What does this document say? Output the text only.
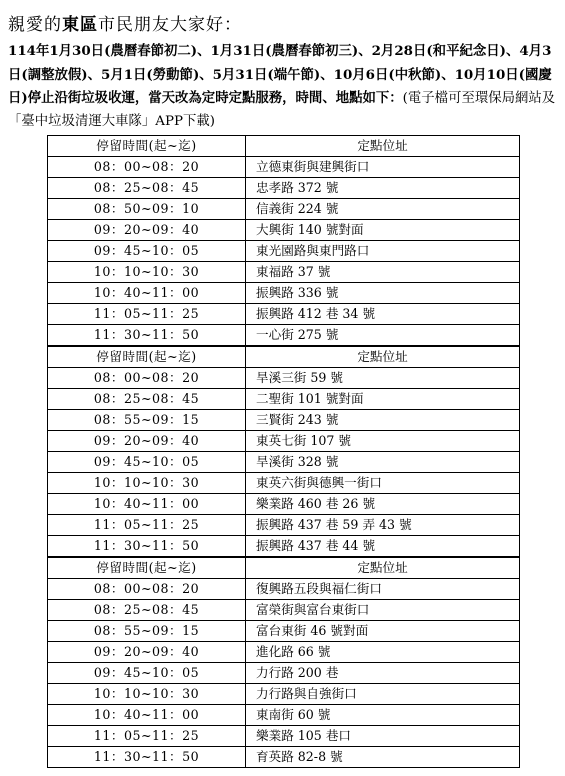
親愛的東區市民朋友大家好：
114年1月30日(農曆春節初二)、1月31日(農曆春節初三)、2月28日(和平紀念日)、4月3日(調整放假)、5月1日(勞動節)、5月31日(端午節)、10月6日(中秋節)、10月10日(國慶日)停止沿街垃圾收運，當天改為定時定點服務，時間、地點如下：(電子檔可至環保局網站及「臺中垃圾清運大車隊」APP下載)
停留時間(起~迄)	定點位址
08：00~08：20	立德東街與建興街口
08：25~08：45	忠孝路 372 號
08：50~09：10	信義街 224 號
09：20~09：40	大興街 140 號對面
09：45~10：05	東光園路與東門路口
10：10~10：30	東福路 37 號
10：40~11：00	振興路 336 號
11：05~11：25	振興路 412 巷 34 號
11：30~11：50	一心街 275 號
停留時間(起~迄)	定點位址
08：00~08：20	旱溪三街 59 號
08：25~08：45	二聖街 101 號對面
08：55~09：15	三賢街 243 號
09：20~09：40	東英七街 107 號
09：45~10：05	旱溪街 328 號
10：10~10：30	東英六街與德興一街口
10：40~11：00	樂業路 460 巷 26 號
11：05~11：25	振興路 437 巷 59 弄 43 號
11：30~11：50	振興路 437 巷 44 號
停留時間(起~迄)	定點位址
08：00~08：20	復興路五段與福仁街口
08：25~08：45	富榮街與富台東街口
08：55~09：15	富台東街 46 號對面
09：20~09：40	進化路 66 號
09：45~10：05	力行路 200 巷
10：10~10：30	力行路與自強街口
10：40~11：00	東南街 60 號
11：05~11：25	樂業路 105 巷口
11：30~11：50	育英路 82-8 號
